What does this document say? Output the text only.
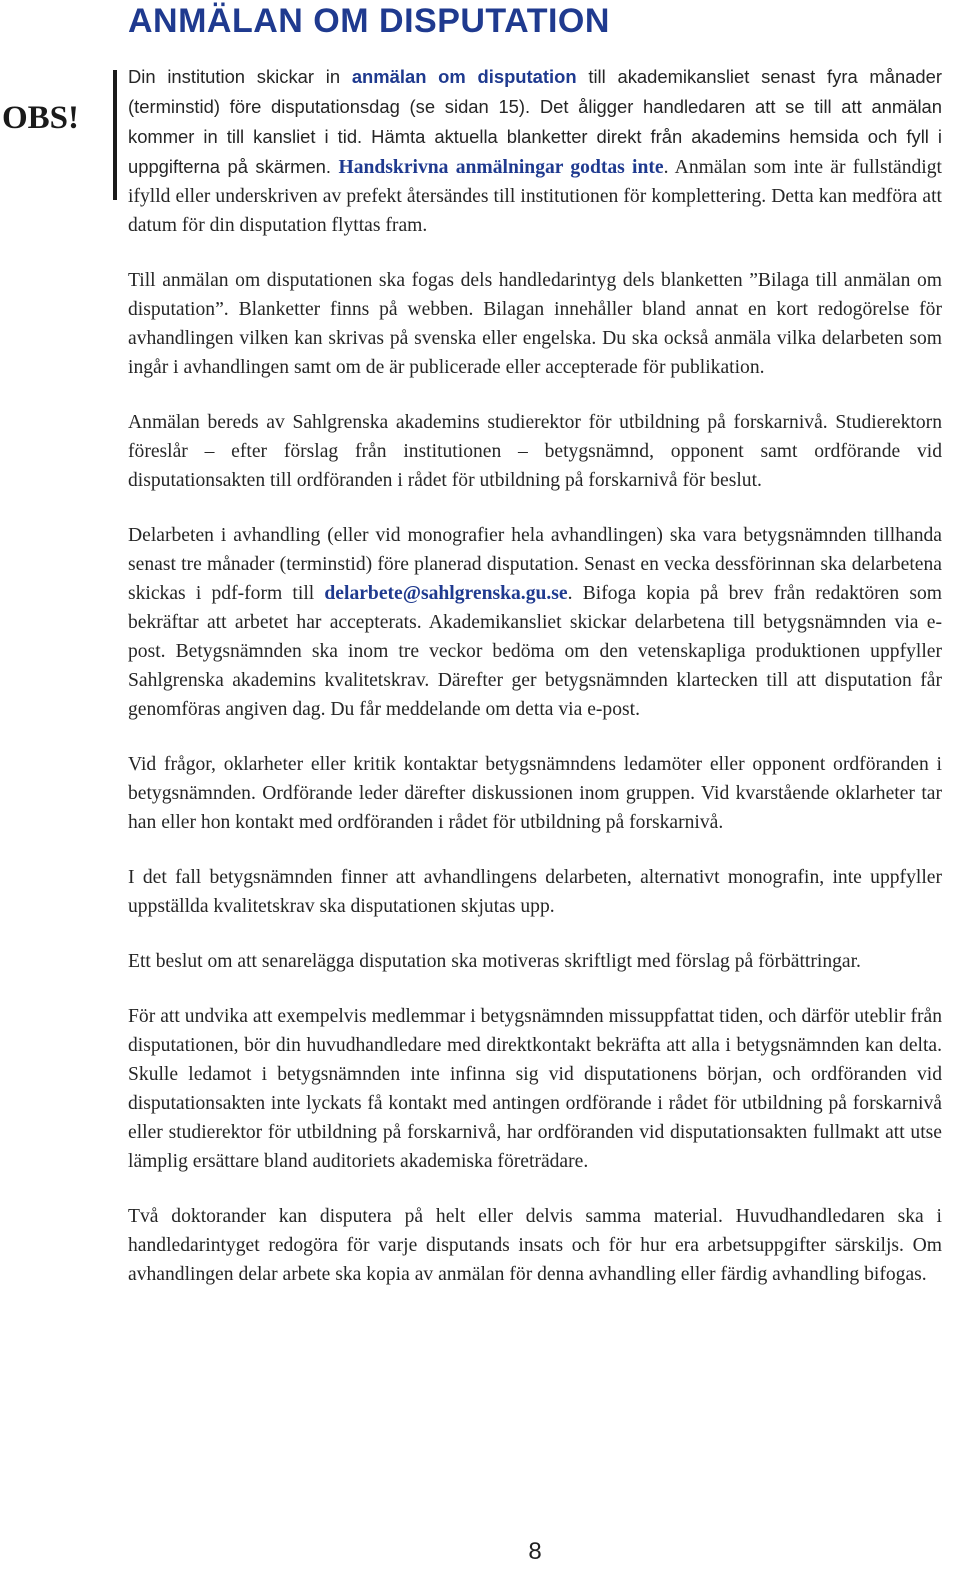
ANMÄLAN OM DISPUTATION
OBS!

Din institution skickar in anmälan om disputation till akademikansliet senast fyra månader (terminstid) före disputationsdag (se sidan 15). Det åligger handledaren att se till att anmälan kommer in till kansliet i tid. Hämta aktuella blanketter direkt från akademins hemsida och fyll i uppgifterna på skärmen. Handskrivna anmälningar godtas inte. Anmälan som inte är fullständigt ifylld eller underskriven av prefekt återsändes till institutionen för komplettering. Detta kan medföra att datum för din disputation flyttas fram.

Till anmälan om disputationen ska fogas dels handledarintyg dels blanketten ”Bilaga till anmälan om disputation”. Blanketter finns på webben. Bilagan innehåller bland annat en kort redogörelse för avhandlingen vilken kan skrivas på svenska eller engelska. Du ska också anmäla vilka delarbeten som ingår i avhandlingen samt om de är publicerade eller accepterade för publikation.

Anmälan bereds av Sahlgrenska akademins studierektor för utbildning på forskarnivå. Studierektorn föreslår – efter förslag från institutionen – betygsnämnd, opponent samt ordförande vid disputationsakten till ordföranden i rådet för utbildning på forskarnivå för beslut.

Delarbeten i avhandling (eller vid monografier hela avhandlingen) ska vara betygsnämnden tillhanda senast tre månader (terminstid) före planerad disputation. Senast en vecka dessförinnan ska delarbetena skickas i pdf-form till delarbete@sahlgrenska.gu.se. Bifoga kopia på brev från redaktören som bekräftar att arbetet har accepterats. Akademikansliet skickar delarbetena till betygsnämnden via e-post. Betygsnämnden ska inom tre veckor bedöma om den vetenskapliga produktionen uppfyller Sahlgrenska akademins kvalitetskrav. Därefter ger betygsnämnden klartecken till att disputation får genomföras angiven dag. Du får meddelande om detta via e-post.

Vid frågor, oklarheter eller kritik kontaktar betygsnämndens ledamöter eller opponent ordföranden i betygsnämnden. Ordförande leder därefter diskussionen inom gruppen. Vid kvarstående oklarheter tar han eller hon kontakt med ordföranden i rådet för utbildning på forskarnivå.

I det fall betygsnämnden finner att avhandlingens delarbeten, alternativt monografin, inte uppfyller uppställda kvalitetskrav ska disputationen skjutas upp.

Ett beslut om att senarelägga disputation ska motiveras skriftligt med förslag på förbättringar.

För att undvika att exempelvis medlemmar i betygsnämnden missuppfattat tiden, och därför uteblir från disputationen, bör din huvudhandledare med direktkontakt bekräfta att alla i betygsnämnden kan delta. Skulle ledamot i betygsnämnden inte infinna sig vid disputationens början, och ordföranden vid disputationsakten inte lyckats få kontakt med antingen ordförande i rådet för utbildning på forskarnivå eller studierektor för utbildning på forskarnivå, har ordföranden vid disputationsakten fullmakt att utse lämplig ersättare bland auditoriets akademiska företrädare.

Två doktorander kan disputera på helt eller delvis samma material. Huvudhandledaren ska i handledarintyget redogöra för varje disputands insats och för hur era arbetsuppgifter särskiljs. Om avhandlingen delar arbete ska kopia av anmälan för denna avhandling eller färdig avhandling bifogas.

8
